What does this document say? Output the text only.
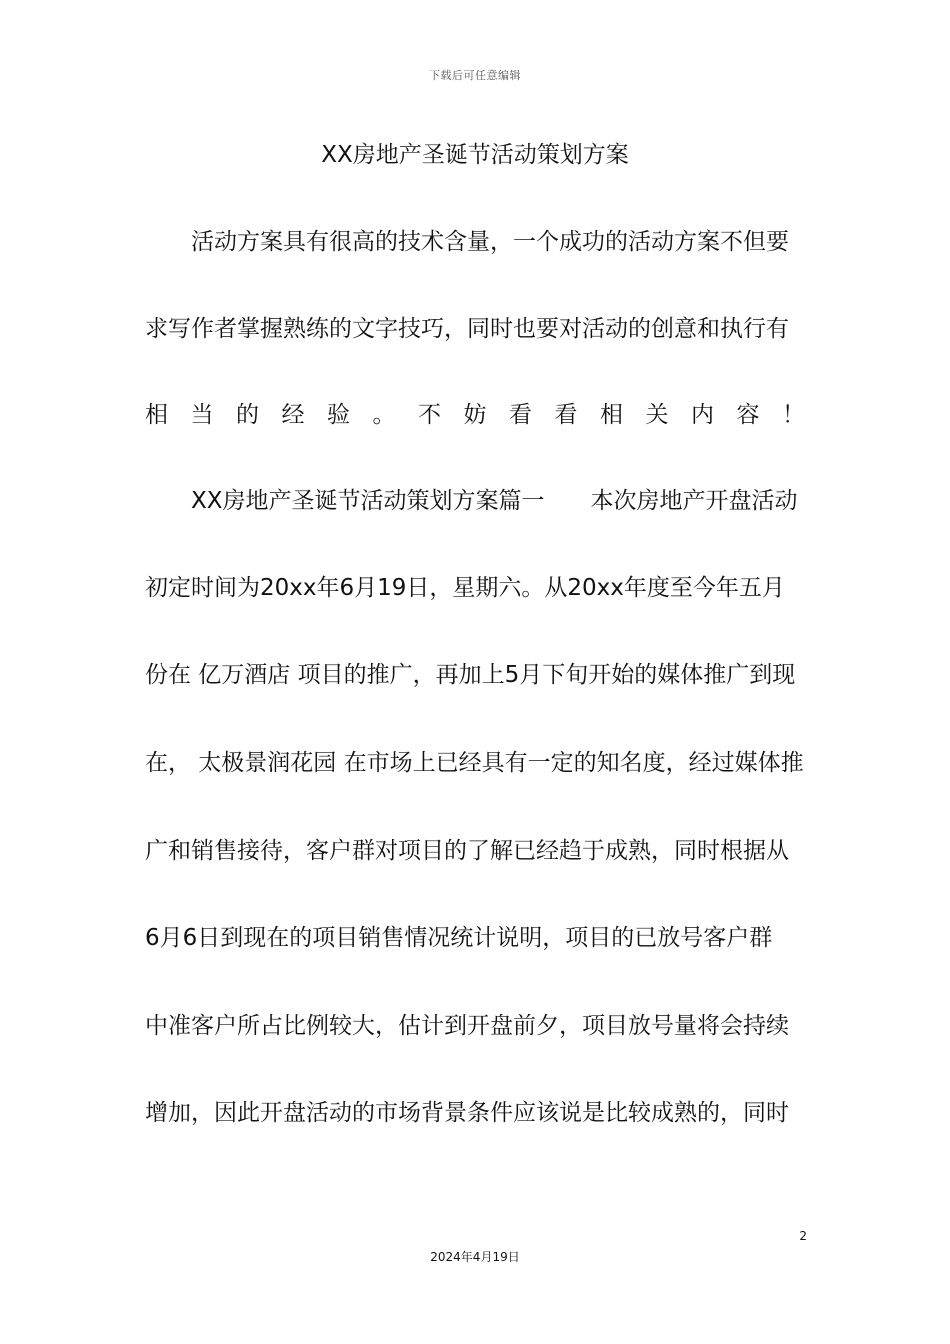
下载后可任意编辑
XX房地产圣诞节活动策划方案
　　活动方案具有很高的技术含量，一个成功的活动方案不但要
求写作者掌握熟练的文字技巧，同时也要对活动的创意和执行有
相 当 的 经 验 。 不 妨 看 看 相 关 内 容 ！
　　XX房地产圣诞节活动策划方案篇一　　本次房地产开盘活动
初定时间为20xx年6月19日，星期六。从20xx年度至今年五月
份在 亿万酒店 项目的推广，再加上5月下旬开始的媒体推广到现
在， 太极景润花园 在市场上已经具有一定的知名度，经过媒体推
广和销售接待，客户群对项目的了解已经趋于成熟，同时根据从
6月6日到现在的项目销售情况统计说明，项目的已放号客户群
中准客户所占比例较大，估计到开盘前夕，项目放号量将会持续
增加，因此开盘活动的市场背景条件应该说是比较成熟的，同时
2
2024年4月19日
